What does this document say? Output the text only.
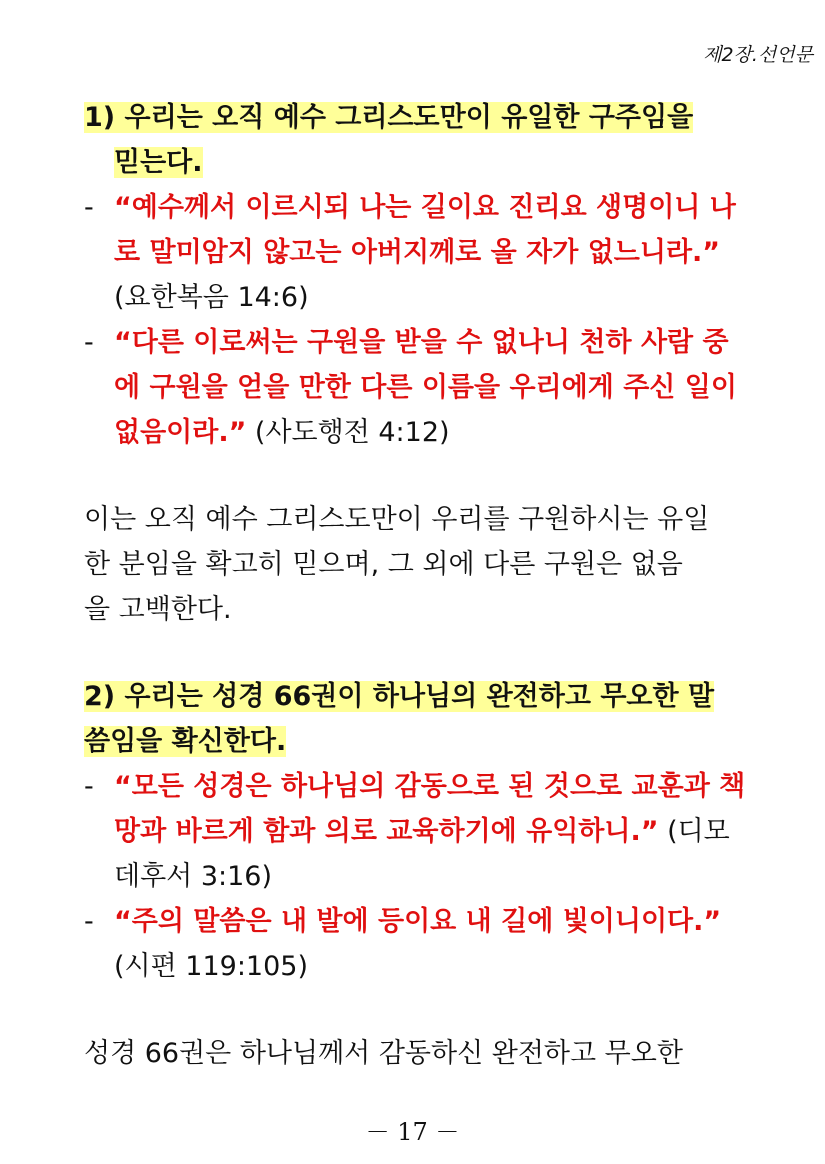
제2장.선언문
1) 우리는 오직 예수 그리스도만이 유일한 구주임을
믿는다.
- “예수께서 이르시되 나는 길이요 진리요 생명이니 나
로 말미암지 않고는 아버지께로 올 자가 없느니라.”
(요한복음 14:6)
- “다른 이로써는 구원을 받을 수 없나니 천하 사람 중
에 구원을 얻을 만한 다른 이름을 우리에게 주신 일이
없음이라.” (사도행전 4:12)
이는 오직 예수 그리스도만이 우리를 구원하시는 유일
한 분임을 확고히 믿으며, 그 외에 다른 구원은 없음
을 고백한다.
2) 우리는 성경 66권이 하나님의 완전하고 무오한 말
씀임을 확신한다.
- “모든 성경은 하나님의 감동으로 된 것으로 교훈과 책
망과 바르게 함과 의로 교육하기에 유익하니.” (디모
데후서 3:16)
- “주의 말씀은 내 발에 등이요 내 길에 빛이니이다.”
(시편 119:105)
성경 66권은 하나님께서 감동하신 완전하고 무오한
－ 17 －
